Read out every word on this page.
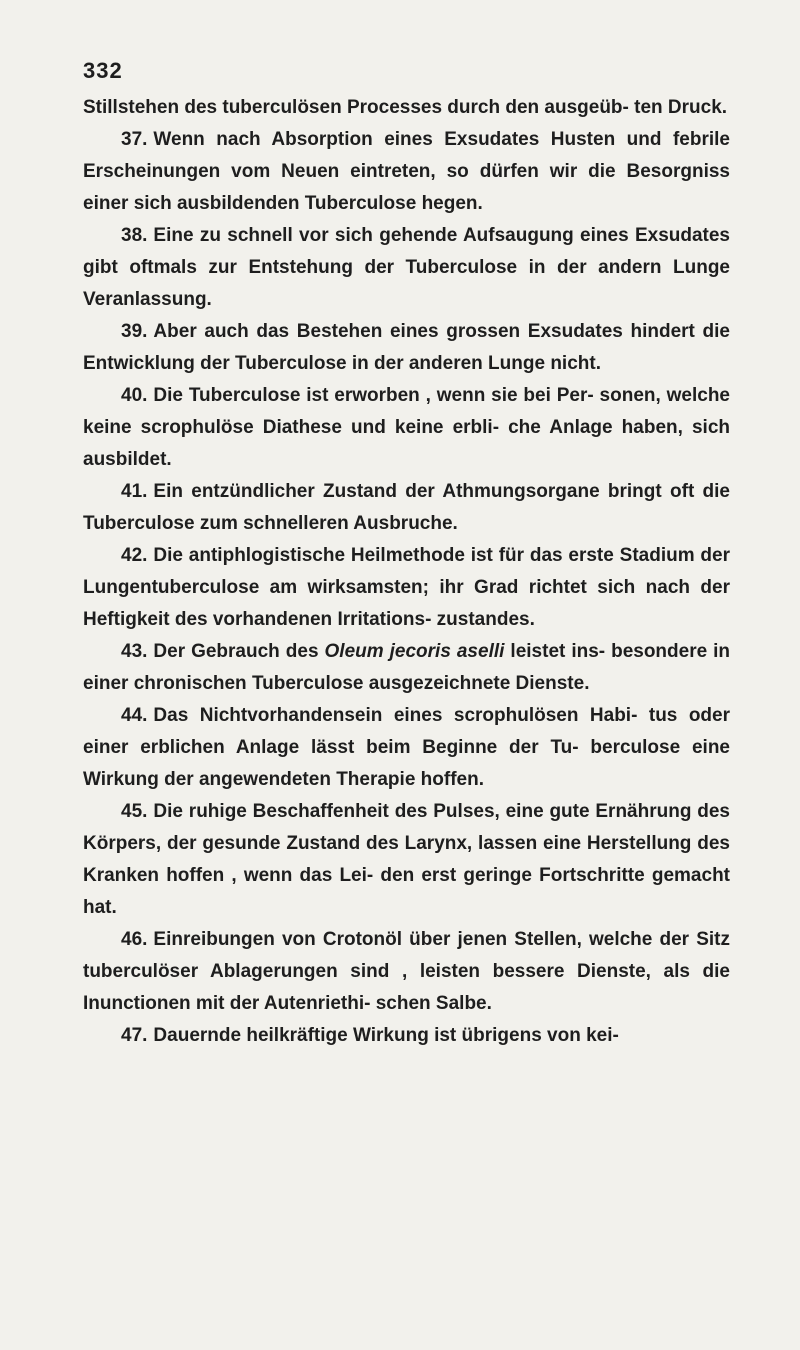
332

Stillstehen des tuberculösen Processes durch den ausgeüb- ten Druck.

37. Wenn nach Absorption eines Exsudates Husten und febrile Erscheinungen vom Neuen eintreten, so dürfen wir die Besorgniss einer sich ausbildenden Tuberculose hegen.

38. Eine zu schnell vor sich gehende Aufsaugung eines Exsudates gibt oftmals zur Entstehung der Tuberculose in der andern Lunge Veranlassung.

39. Aber auch das Bestehen eines grossen Exsudates hindert die Entwicklung der Tuberculose in der anderen Lunge nicht.

40. Die Tuberculose ist erworben , wenn sie bei Per- sonen, welche keine scrophulöse Diathese und keine erbli- che Anlage haben, sich ausbildet.

41. Ein entzündlicher Zustand der Athmungsorgane bringt oft die Tuberculose zum schnelleren Ausbruche.

42. Die antiphlogistische Heilmethode ist für das erste Stadium der Lungentuberculose am wirksamsten; ihr Grad richtet sich nach der Heftigkeit des vorhandenen Irritations- zustandes.

43. Der Gebrauch des Oleum jecoris aselli leistet ins- besondere in einer chronischen Tuberculose ausgezeichnete Dienste.

44. Das Nichtvorhandensein eines scrophulösen Habi- tus oder einer erblichen Anlage lässt beim Beginne der Tu- berculose eine Wirkung der angewendeten Therapie hoffen.

45. Die ruhige Beschaffenheit des Pulses, eine gute Ernährung des Körpers, der gesunde Zustand des Larynx, lassen eine Herstellung des Kranken hoffen , wenn das Lei- den erst geringe Fortschritte gemacht hat.

46. Einreibungen von Crotonöl über jenen Stellen, welche der Sitz tuberculöser Ablagerungen sind , leisten bessere Dienste, als die Inunctionen mit der Autenriethi- schen Salbe.

47. Dauernde heilkräftige Wirkung ist übrigens von kei-
